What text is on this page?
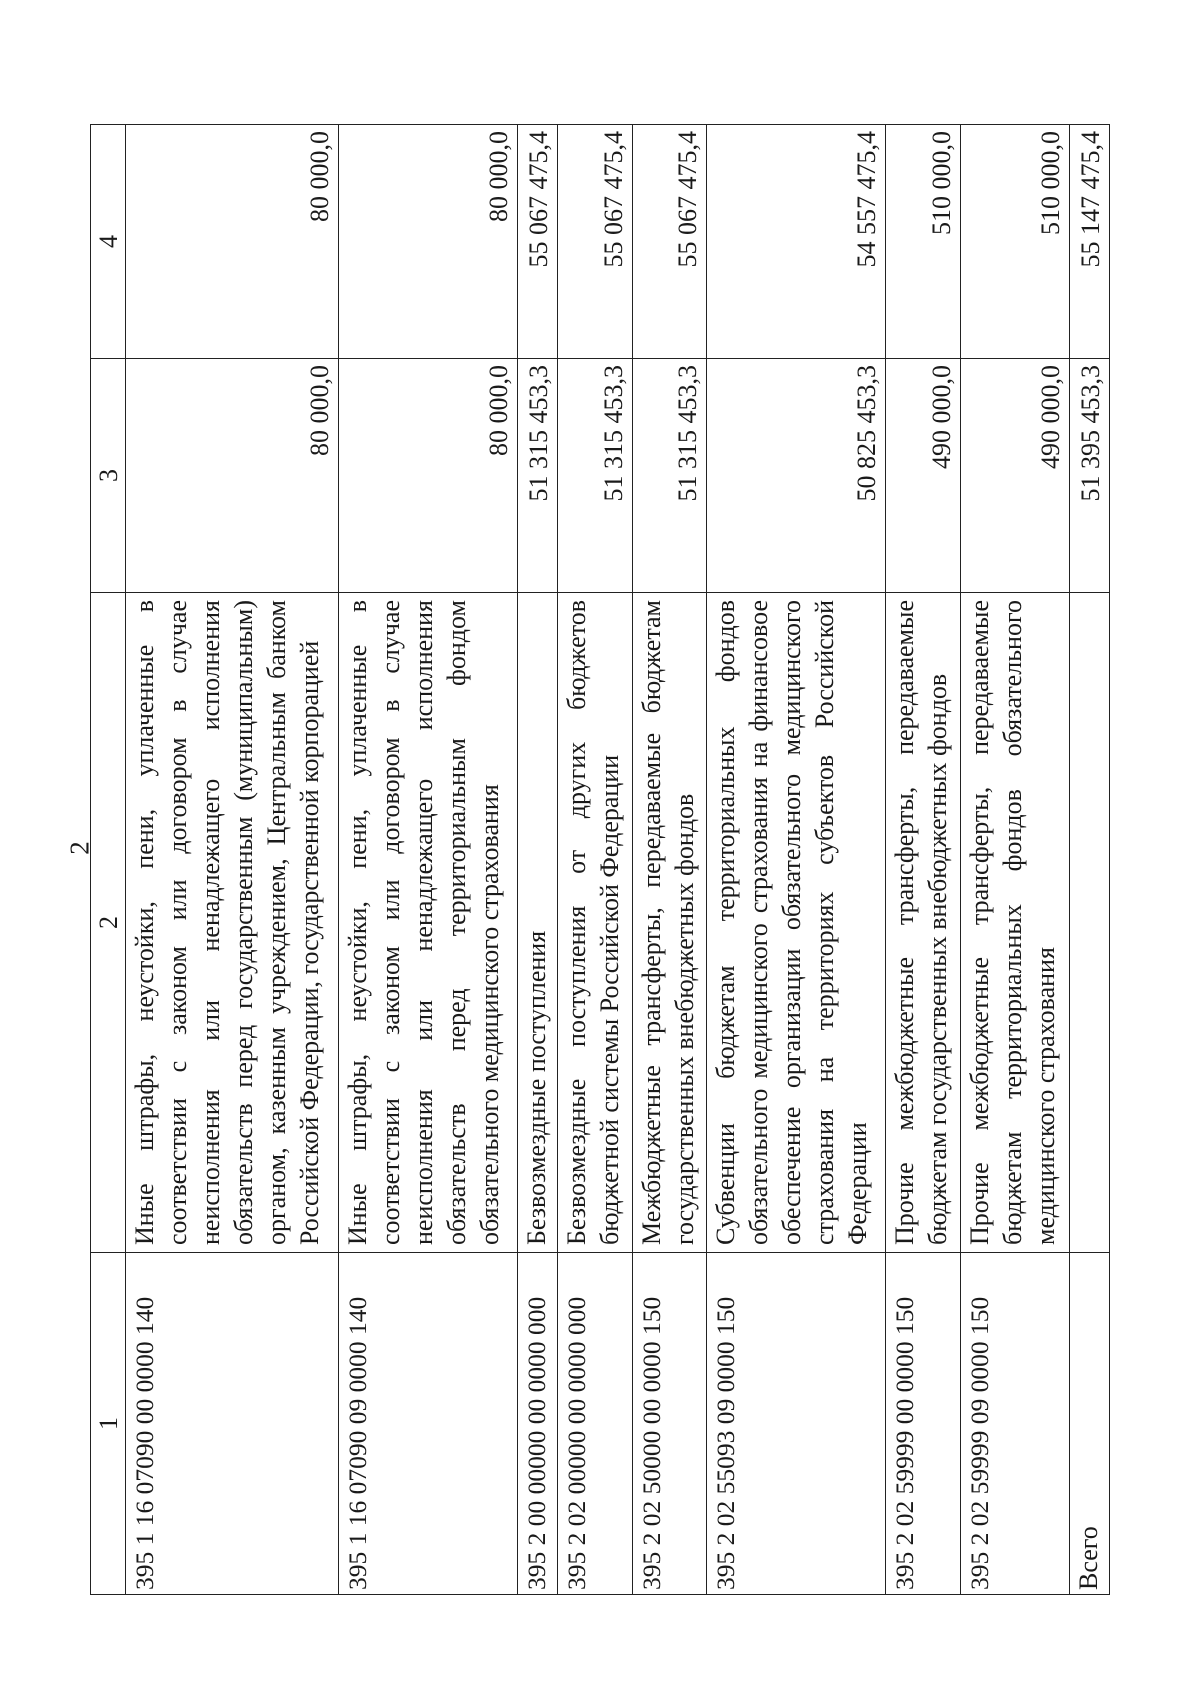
2
1	2	3	4
395 1 16 07090 00 0000 140	Иные штрафы, неустойки, пени, уплаченные в соответствии с законом или договором в случае неисполнения или ненадлежащего исполнения обязательств перед государственным (муниципальным) органом, казенным учреждением, Центральным банком Российской Федерации, государственной корпорацией	80 000,0	80 000,0
395 1 16 07090 09 0000 140	Иные штрафы, неустойки, пени, уплаченные в соответствии с законом или договором в случае неисполнения или ненадлежащего исполнения обязательств перед территориальным фондом обязательного медицинского страхования	80 000,0	80 000,0
395 2 00 00000 00 0000 000	Безвозмездные поступления	51 315 453,3	55 067 475,4
395 2 02 00000 00 0000 000	Безвозмездные поступления от других бюджетов бюджетной системы Российской Федерации	51 315 453,3	55 067 475,4
395 2 02 50000 00 0000 150	Межбюджетные трансферты, передаваемые бюджетам государственных внебюджетных фондов	51 315 453,3	55 067 475,4
395 2 02 55093 09 0000 150	Субвенции бюджетам территориальных фондов обязательного медицинского страхования на финансовое обеспечение организации обязательного медицинского страхования на территориях субъектов Российской Федерации	50 825 453,3	54 557 475,4
395 2 02 59999 00 0000 150	Прочие межбюджетные трансферты, передаваемые бюджетам государственных внебюджетных фондов	490 000,0	510 000,0
395 2 02 59999 09 0000 150	Прочие межбюджетные трансферты, передаваемые бюджетам территориальных фондов обязательного медицинского страхования	490 000,0	510 000,0
Всего		51 395 453,3	55 147 475,4
